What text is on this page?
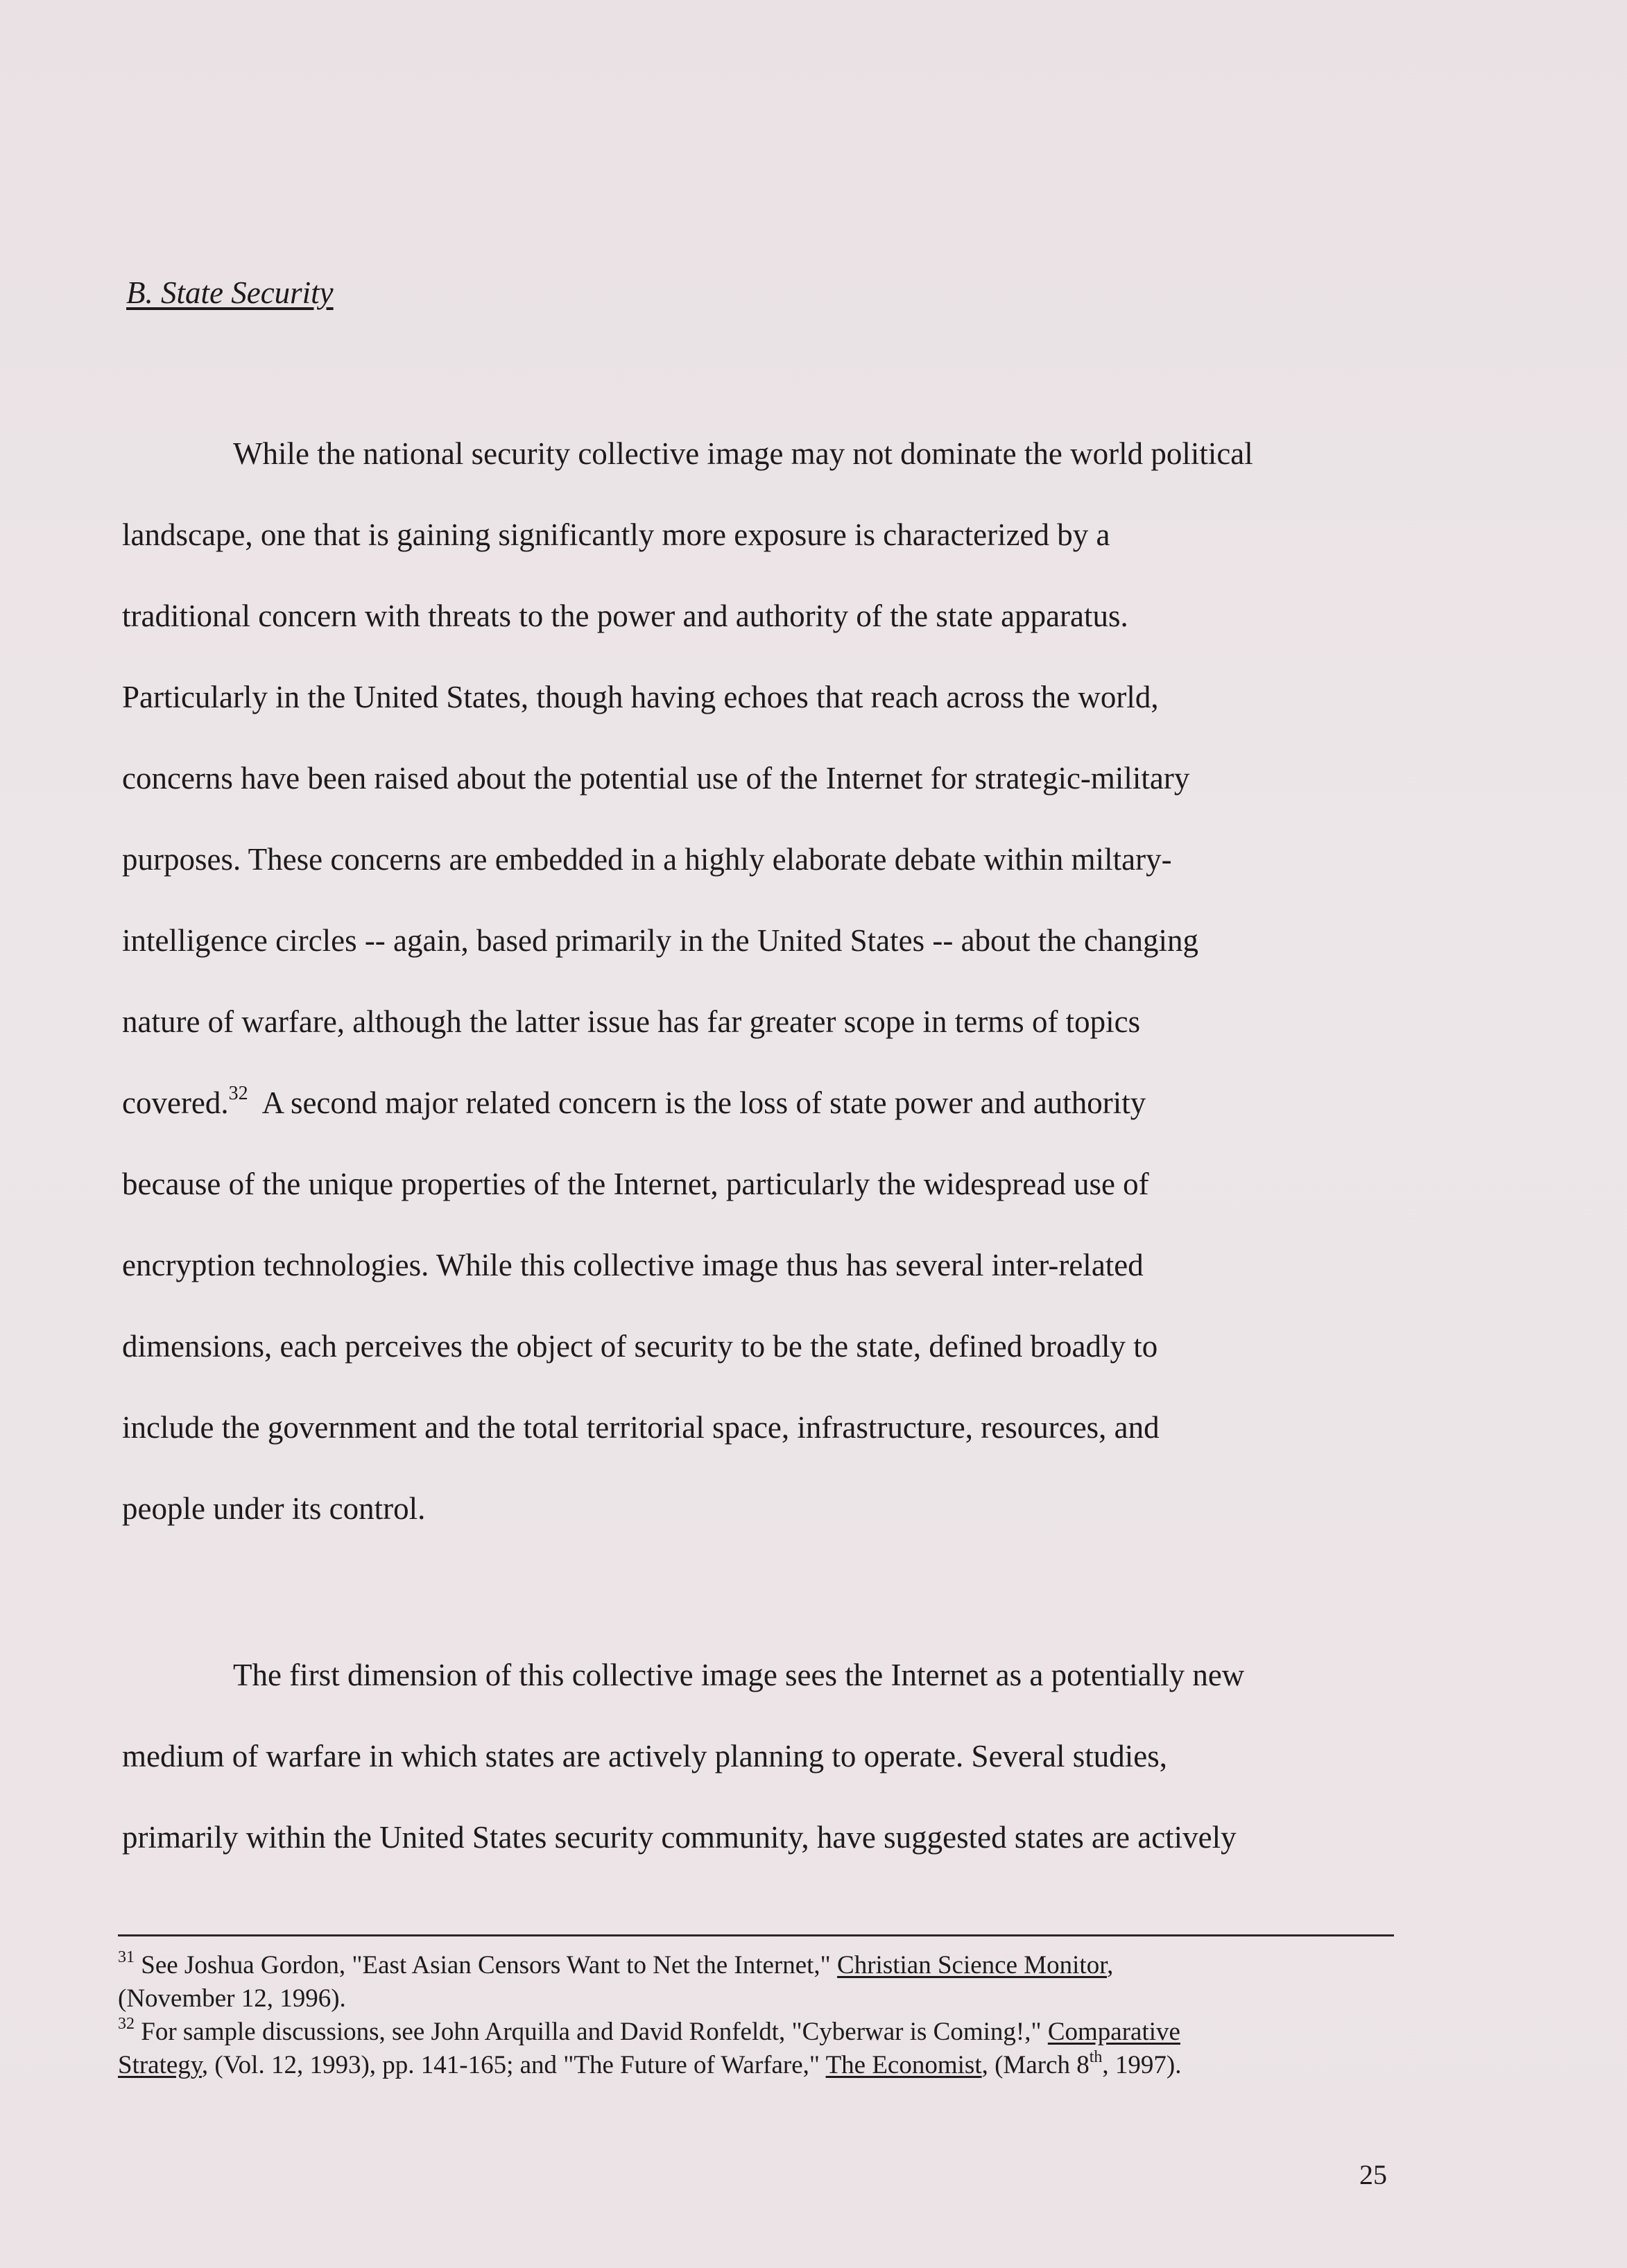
B. State Security
While the national security collective image may not dominate the world political
landscape, one that is gaining significantly more exposure is characterized by a
traditional concern with threats to the power and authority of the state apparatus.
Particularly in the United States, though having echoes that reach across the world,
concerns have been raised about the potential use of the Internet for strategic-military
purposes. These concerns are embedded in a highly elaborate debate within miltary-
intelligence circles -- again, based primarily in the United States -- about the changing
nature of warfare, although the latter issue has far greater scope in terms of topics
covered.$^{32}$  A second major related concern is the loss of state power and authority
because of the unique properties of the Internet, particularly the widespread use of
encryption technologies. While this collective image thus has several inter-related
dimensions, each perceives the object of security to be the state, defined broadly to
include the government and the total territorial space, infrastructure, resources, and
people under its control.
The first dimension of this collective image sees the Internet as a potentially new
medium of warfare in which states are actively planning to operate. Several studies,
primarily within the United States security community, have suggested states are actively
$^{31}$ See Joshua Gordon, "East Asian Censors Want to Net the Internet," Christian Science Monitor,
(November 12, 1996).
$^{32}$ For sample discussions, see John Arquilla and David Ronfeldt, "Cyberwar is Coming!," Comparative
Strategy, (Vol. 12, 1993), pp. 141-165; and "The Future of Warfare," The Economist, (March 8th, 1997).
25
